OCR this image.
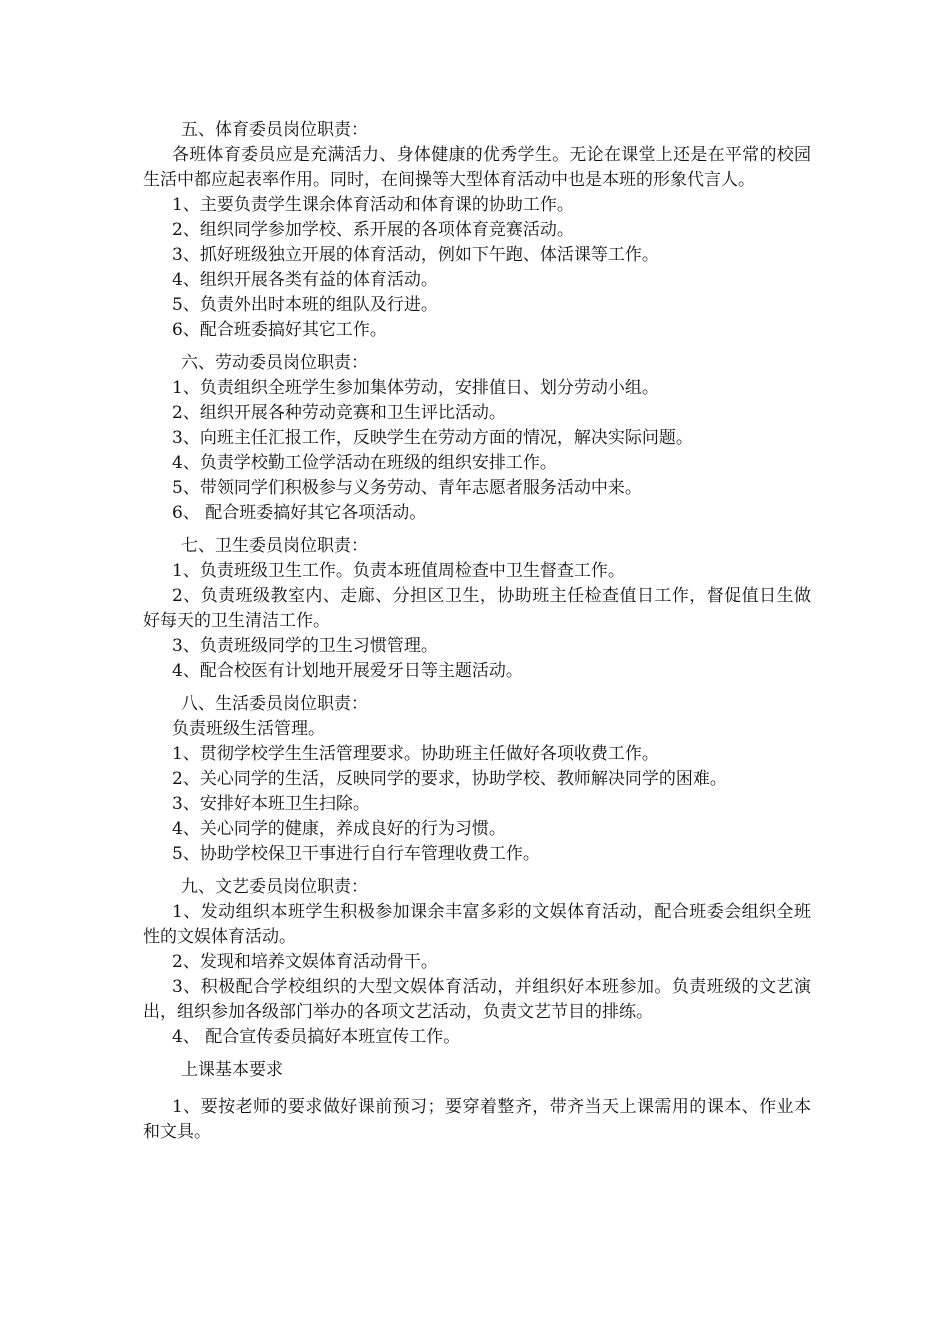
五、体育委员岗位职责：
各班体育委员应是充满活力、身体健康的优秀学生。无论在课堂上还是在平常的校园生活中都应起表率作用。同时，在间操等大型体育活动中也是本班的形象代言人。
1、主要负责学生课余体育活动和体育课的协助工作。
2、组织同学参加学校、系开展的各项体育竞赛活动。
3、抓好班级独立开展的体育活动，例如下午跑、体活课等工作。
4、组织开展各类有益的体育活动。
5、负责外出时本班的组队及行进。
6、配合班委搞好其它工作。
六、劳动委员岗位职责：
1、负责组织全班学生参加集体劳动，安排值日、划分劳动小组。
2、组织开展各种劳动竞赛和卫生评比活动。
3、向班主任汇报工作，反映学生在劳动方面的情况，解决实际问题。
4、负责学校勤工俭学活动在班级的组织安排工作。
5、带领同学们积极参与义务劳动、青年志愿者服务活动中来。
6、 配合班委搞好其它各项活动。
七、卫生委员岗位职责：
1、负责班级卫生工作。负责本班值周检查中卫生督查工作。
2、负责班级教室内、走廊、分担区卫生，协助班主任检查值日工作，督促值日生做好每天的卫生清洁工作。
3、负责班级同学的卫生习惯管理。
4、配合校医有计划地开展爱牙日等主题活动。
八、生活委员岗位职责：
负责班级生活管理。
1、贯彻学校学生生活管理要求。协助班主任做好各项收费工作。
2、关心同学的生活，反映同学的要求，协助学校、教师解决同学的困难。
3、安排好本班卫生扫除。
4、关心同学的健康，养成良好的行为习惯。
5、协助学校保卫干事进行自行车管理收费工作。
九、文艺委员岗位职责：
1、发动组织本班学生积极参加课余丰富多彩的文娱体育活动，配合班委会组织全班性的文娱体育活动。
2、发现和培养文娱体育活动骨干。
3、积极配合学校组织的大型文娱体育活动，并组织好本班参加。负责班级的文艺演出，组织参加各级部门举办的各项文艺活动，负责文艺节目的排练。
4、 配合宣传委员搞好本班宣传工作。
上课基本要求
1、要按老师的要求做好课前预习；要穿着整齐，带齐当天上课需用的课本、作业本和文具。
